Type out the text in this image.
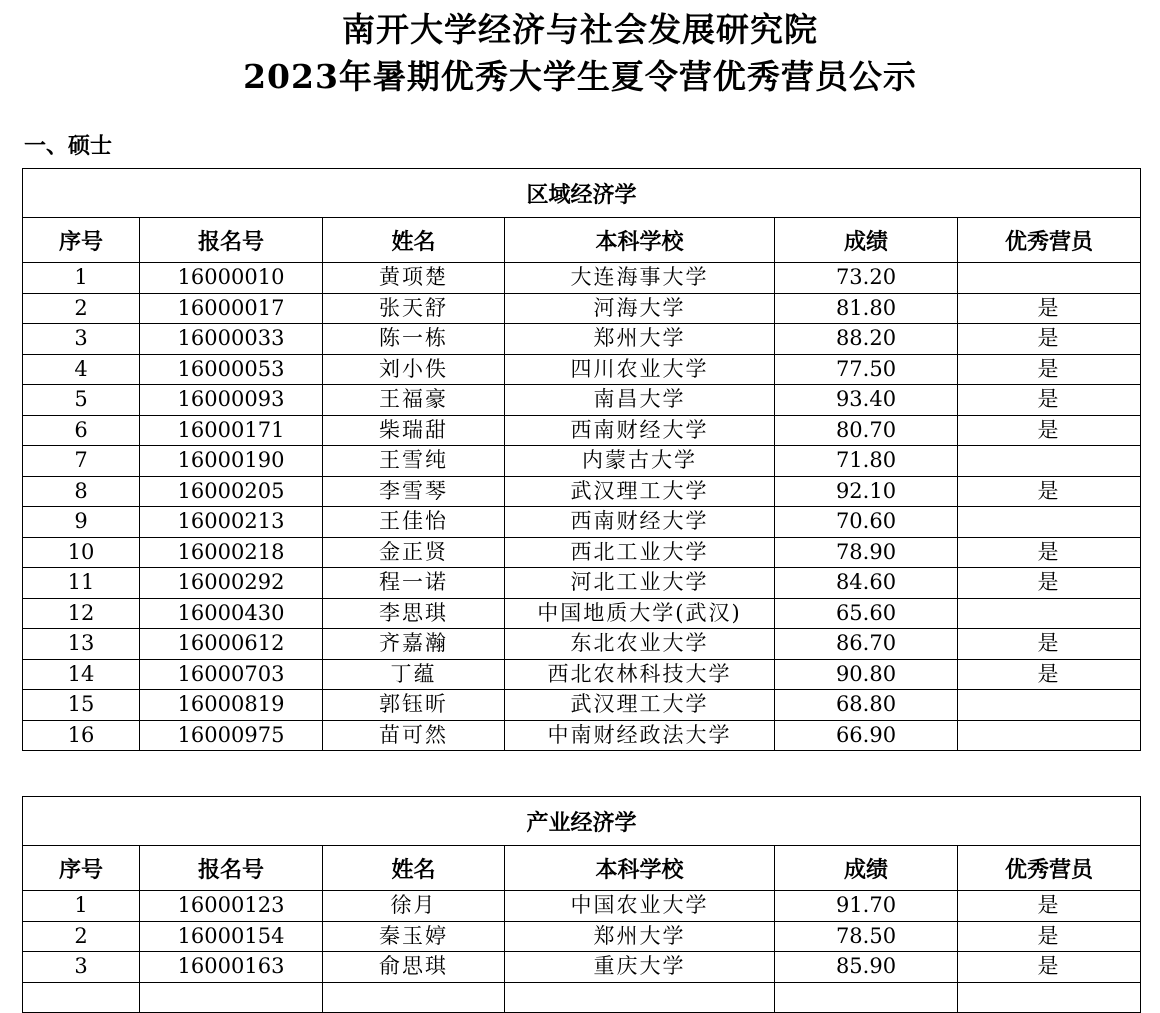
南开大学经济与社会发展研究院
2023年暑期优秀大学生夏令营优秀营员公示
一、硕士
区域经济学					
序号	报名号	姓名	本科学校	成绩	优秀营员
1	16000010	黄项楚	大连海事大学	73.20	
2	16000017	张天舒	河海大学	81.80	是
3	16000033	陈一栋	郑州大学	88.20	是
4	16000053	刘小佚	四川农业大学	77.50	是
5	16000093	王福豪	南昌大学	93.40	是
6	16000171	柴瑞甜	西南财经大学	80.70	是
7	16000190	王雪纯	内蒙古大学	71.80	
8	16000205	李雪琴	武汉理工大学	92.10	是
9	16000213	王佳怡	西南财经大学	70.60	
10	16000218	金正贤	西北工业大学	78.90	是
11	16000292	程一诺	河北工业大学	84.60	是
12	16000430	李思琪	中国地质大学(武汉)	65.60	
13	16000612	齐嘉瀚	东北农业大学	86.70	是
14	16000703	丁蕴	西北农林科技大学	90.80	是
15	16000819	郭钰昕	武汉理工大学	68.80	
16	16000975	苗可然	中南财经政法大学	66.90	
产业经济学					
序号	报名号	姓名	本科学校	成绩	优秀营员
1	16000123	徐月	中国农业大学	91.70	是
2	16000154	秦玉婷	郑州大学	78.50	是
3	16000163	俞思琪	重庆大学	85.90	是
